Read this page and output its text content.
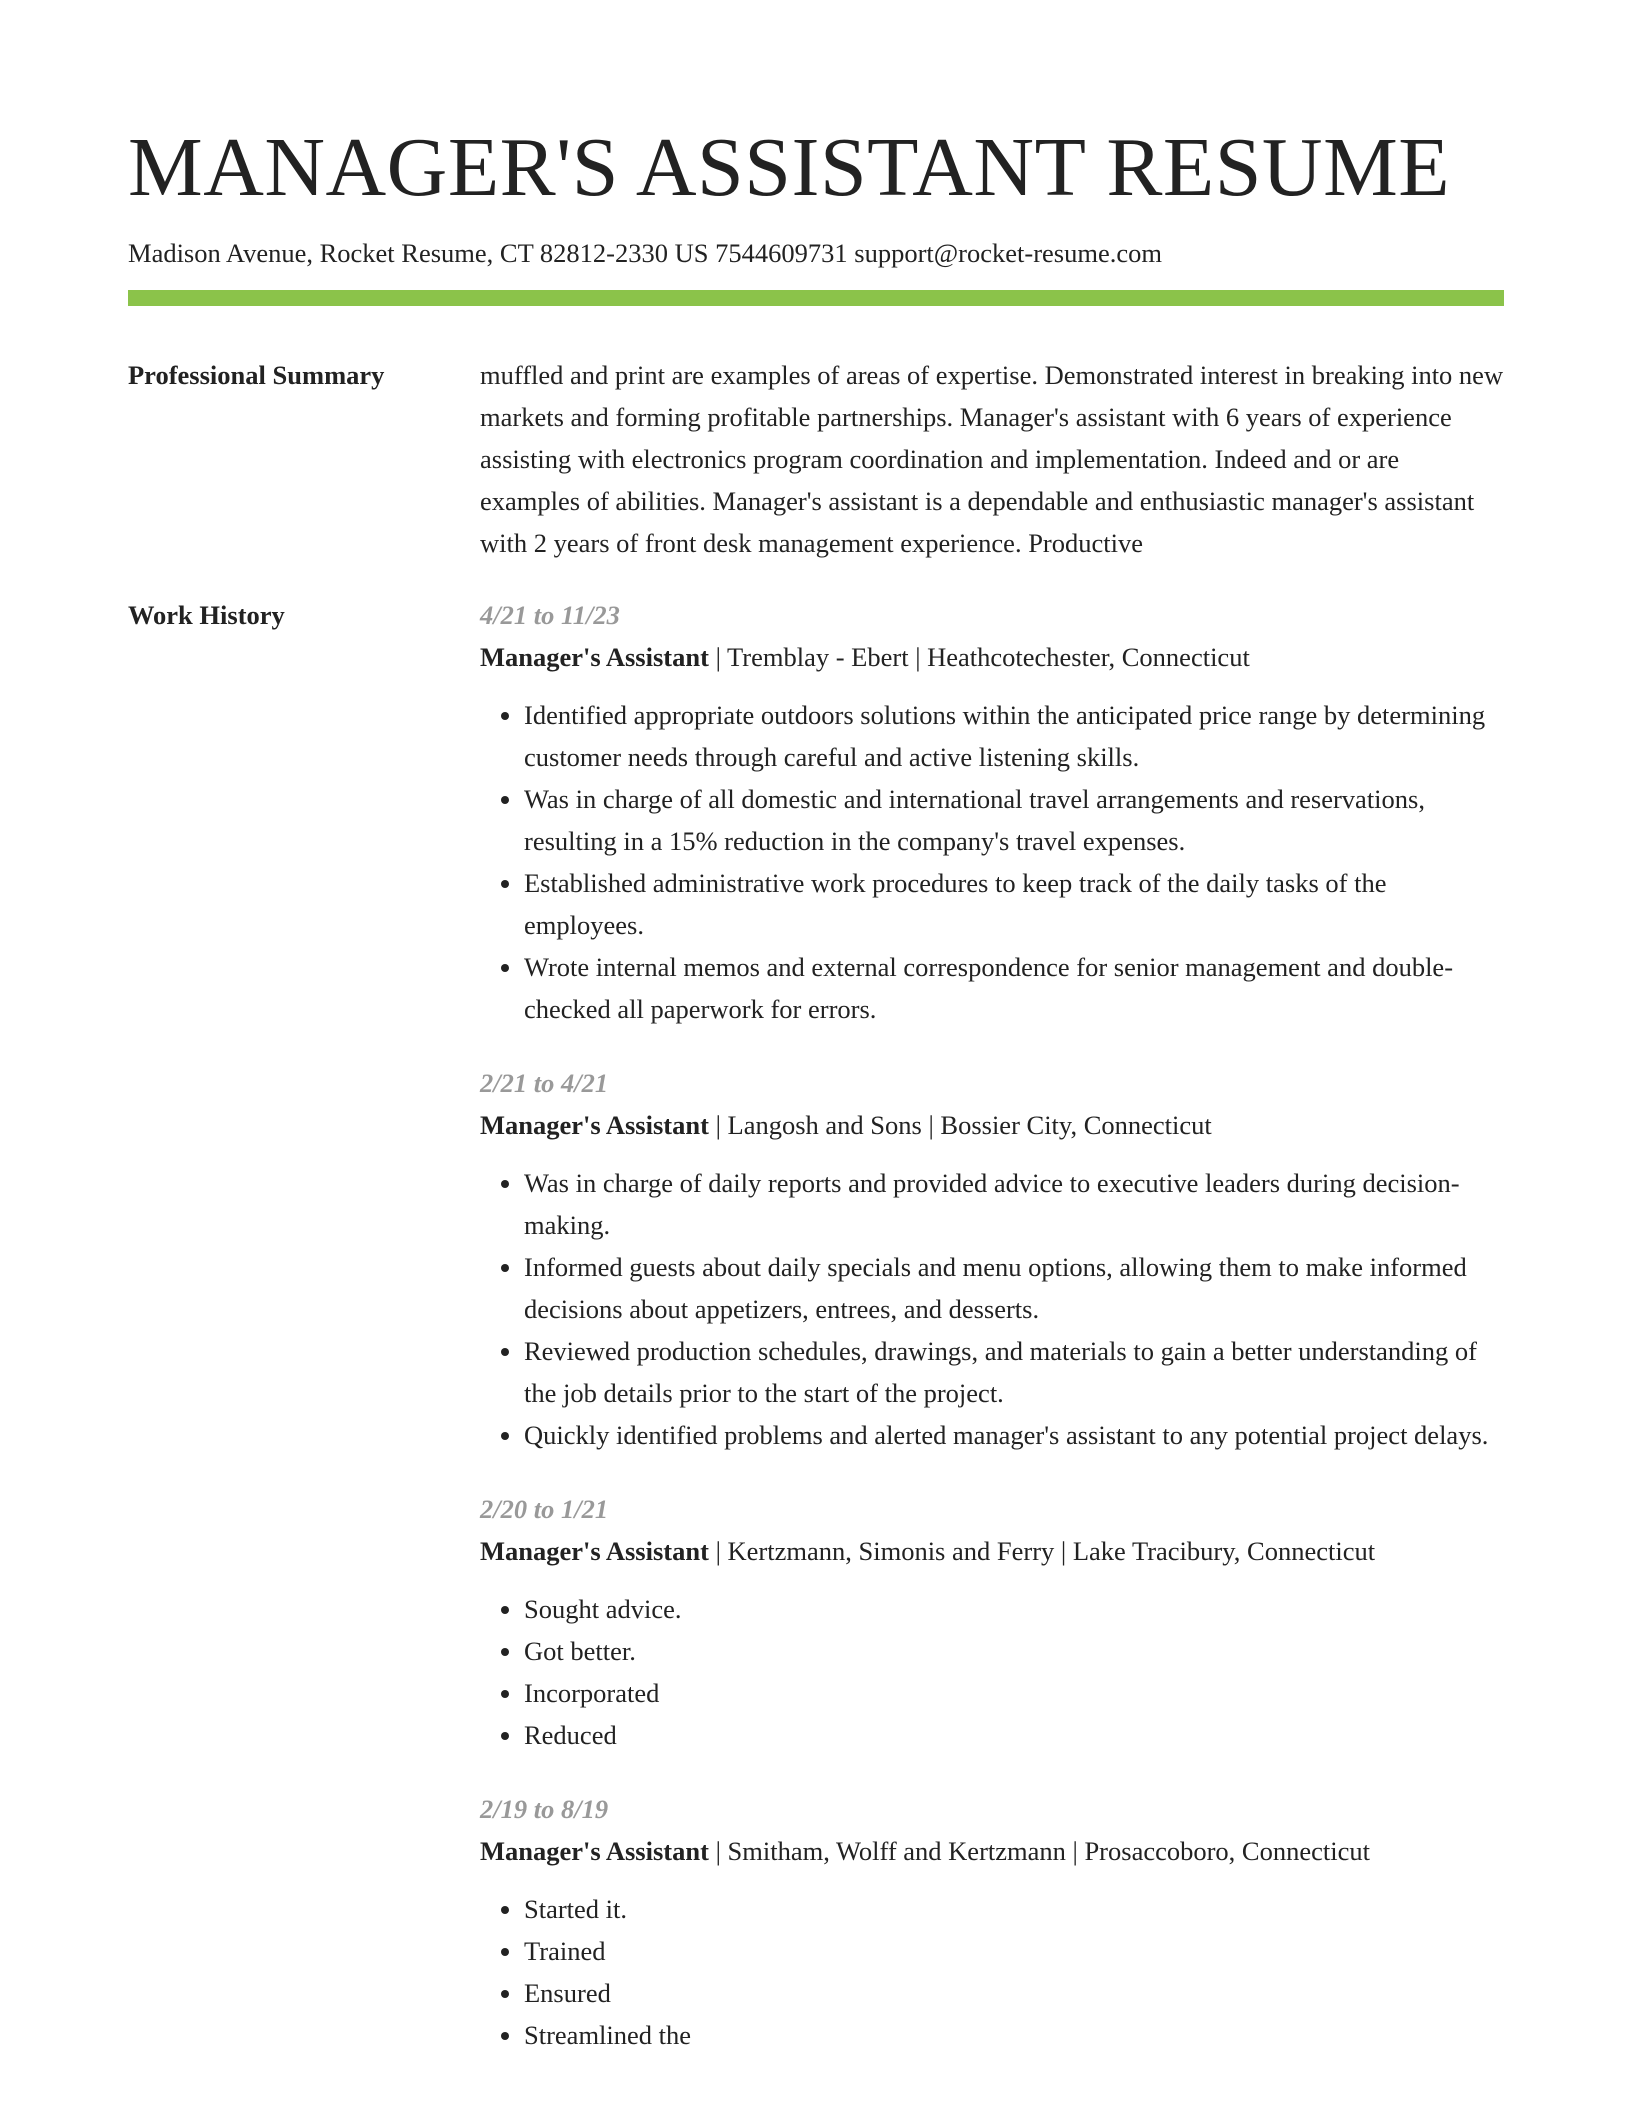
MANAGER'S ASSISTANT RESUME
Madison Avenue, Rocket Resume, CT 82812-2330 US 7544609731 support@rocket-resume.com
Professional Summary	muffled and print are examples of areas of expertise. Demonstrated interest in breaking into new markets and forming profitable partnerships. Manager's assistant with 6 years of experience assisting with electronics program coordination and implementation. Indeed and or are examples of abilities. Manager's assistant is a dependable and enthusiastic manager's assistant with 2 years of front desk management experience. Productive

Work History	4/21 to 11/23
Manager's Assistant | Tremblay - Ebert | Heathcotechester, Connecticut
• Identified appropriate outdoors solutions within the anticipated price range by determining customer needs through careful and active listening skills.
• Was in charge of all domestic and international travel arrangements and reservations, resulting in a 15% reduction in the company's travel expenses.
• Established administrative work procedures to keep track of the daily tasks of the employees.
• Wrote internal memos and external correspondence for senior management and double-checked all paperwork for errors.
2/21 to 4/21
Manager's Assistant | Langosh and Sons | Bossier City, Connecticut
• Was in charge of daily reports and provided advice to executive leaders during decision-making.
• Informed guests about daily specials and menu options, allowing them to make informed decisions about appetizers, entrees, and desserts.
• Reviewed production schedules, drawings, and materials to gain a better understanding of the job details prior to the start of the project.
• Quickly identified problems and alerted manager's assistant to any potential project delays.
2/20 to 1/21
Manager's Assistant | Kertzmann, Simonis and Ferry | Lake Tracibury, Connecticut
• Sought advice.
• Got better.
• Incorporated
• Reduced
2/19 to 8/19
Manager's Assistant | Smitham, Wolff and Kertzmann | Prosaccoboro, Connecticut
• Started it.
• Trained
• Ensured
• Streamlined the
